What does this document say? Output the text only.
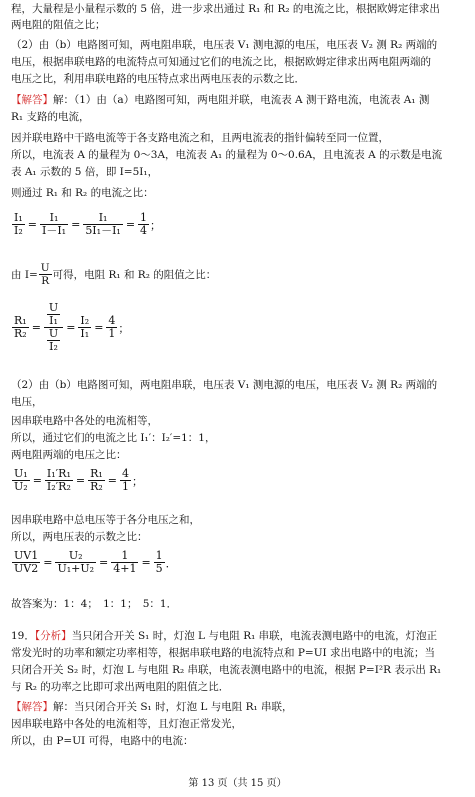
程，大量程是小量程示数的 5 倍，进一步求出通过 R₁ 和 R₂ 的电流之比，根据欧姆定律求出
两电阻的阻值之比；
（2）由（b）电路图可知，两电阻串联，电压表 V₁ 测电源的电压，电压表 V₂ 测 R₂ 两端的
电压，根据串联电路的电流特点可知通过它们的电流之比，根据欧姆定律求出两电阻两端的
电压之比，利用串联电路的电压特点求出两电压表的示数之比．
【解答】解：（1）由（a）电路图可知，两电阻并联，电流表 A 测干路电流，电流表 A₁ 测
R₁ 支路的电流，
因并联电路中干路电流等于各支路电流之和，且两电流表的指针偏转至同一位置，
所以，电流表 A 的量程为 0～3A，电流表 A₁ 的量程为 0～0.6A，且电流表 A 的示数是电流
表 A₁ 示数的 5 倍，即 I=5I₁，
则通过 R₁ 和 R₂ 的电流之比：
$\frac{\text{I₁}}{\text{I₂}} = \frac{\text{I₁}}{\text{I－I₁}} = \frac{\text{I₁}}{\text{5I₁－I₁}} = \frac{1}{4}$ ；
由 $I= \frac{U}{R}$ 可得，电阻 R₁ 和 R₂ 的阻值之比：
$\frac{\text{R₁}}{\text{R₂}} = \frac{\frac{U}{\text{I₁}}}{\frac{U}{\text{I₂}}} = \frac{\text{I₂}}{\text{I₁}} = \frac{4}{1}$ ；
（2）由（b）电路图可知，两电阻串联，电压表 V₁ 测电源的电压，电压表 V₂ 测 R₂ 两端的
电压，
因串联电路中各处的电流相等，
所以，通过它们的电流之比 I₁′：I₂′=1：1，
两电阻两端的电压之比：
$\frac{\text{U₁}}{\text{U₂}} = \frac{\text{I₁′R₁}}{\text{I₂′R₂}} = \frac{\text{R₁}}{\text{R₂}} = \frac{4}{1}$ ；
因串联电路中总电压等于各分电压之和，
所以，两电压表的示数之比：
$\frac{UV1}{UV2} = \frac{\text{U₂}}{\text{U₁+U₂}} = \frac{1}{4+1} = \frac{1}{5}$ ．
故答案为：1：4；　1：1；　5：1．
19．【分析】当只闭合开关 S₁ 时，灯泡 L 与电阻 R₁ 串联，电流表测电路中的电流，灯泡正
常发光时的功率和额定功率相等，根据串联电路的电流特点和 P=UI 求出电路中的电流；当
只闭合开关 S₂ 时，灯泡 L 与电阻 R₂ 串联，电流表测电路中的电流，根据 P=I²R 表示出 R₁
与 R₂ 的功率之比即可求出两电阻的阻值之比．
【解答】解：当只闭合开关 S₁ 时，灯泡 L 与电阻 R₁ 串联，
因串联电路中各处的电流相等，且灯泡正常发光，
所以，由 P=UI 可得，电路中的电流：
第 13 页（共 15 页）
